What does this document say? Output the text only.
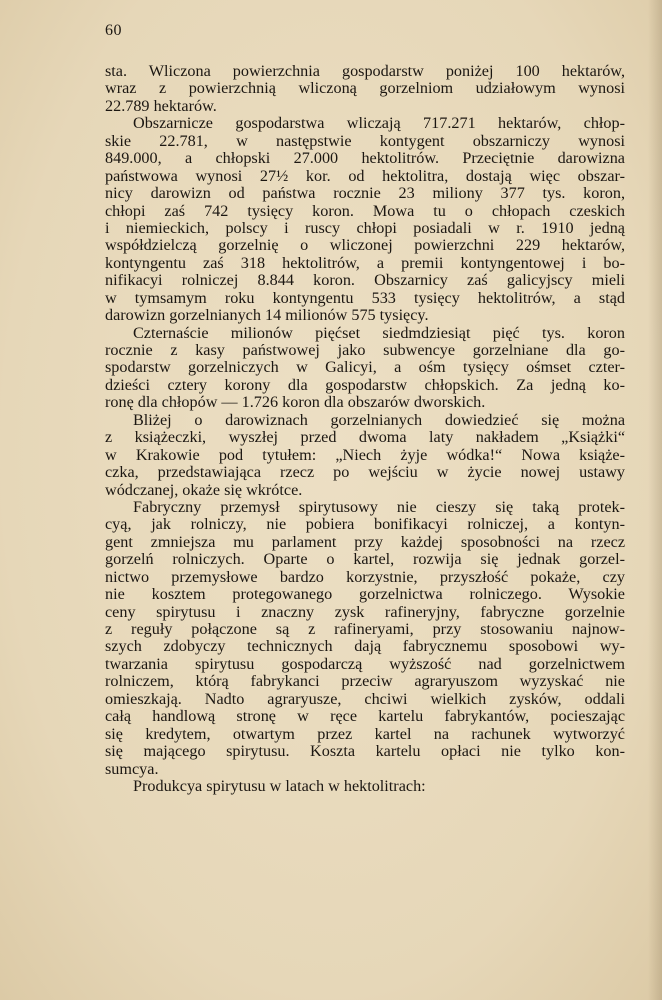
60
sta. Wliczona powierzchnia gospodarstw poniżej 100 hektarów,
wraz z powierzchnią wliczoną gorzelniom udziałowym wynosi
22.789 hektarów.
Obszarnicze gospodarstwa wliczają 717.271 hektarów, chłop-
skie 22.781, w następstwie kontygent obszarniczy wynosi
849.000, a chłopski 27.000 hektolitrów. Przeciętnie darowizna
państwowa wynosi 27½ kor. od hektolitra, dostają więc obszar-
nicy darowizn od państwa rocznie 23 miliony 377 tys. koron,
chłopi zaś 742 tysięcy koron. Mowa tu o chłopach czeskich
i niemieckich, polscy i ruscy chłopi posiadali w r. 1910 jedną
współdzielczą gorzelnię o wliczonej powierzchni 229 hektarów,
kontyngentu zaś 318 hektolitrów, a premii kontyngentowej i bo-
nifikacyi rolniczej 8.844 koron. Obszarnicy zaś galicyjscy mieli
w tymsamym roku kontyngentu 533 tysięcy hektolitrów, a stąd
darowizn gorzelnianych 14 milionów 575 tysięcy.
Czternaście milionów pięćset siedmdziesiąt pięć tys. koron
rocznie z kasy państwowej jako subwencye gorzelniane dla go-
spodarstw gorzelniczych w Galicyi, a ośm tysięcy ośmset czter-
dzieści cztery korony dla gospodarstw chłopskich. Za jedną ko-
ronę dla chłopów — 1.726 koron dla obszarów dworskich.
Bliżej o darowiznach gorzelnianych dowiedzieć się można
z książeczki, wyszłej przed dwoma laty nakładem „Książki“
w Krakowie pod tytułem: „Niech żyje wódka!“ Nowa książe-
czka, przedstawiająca rzecz po wejściu w życie nowej ustawy
wódczanej, okaże się wkrótce.
Fabryczny przemysł spirytusowy nie cieszy się taką protek-
cyą, jak rolniczy, nie pobiera bonifikacyi rolniczej, a kontyn-
gent zmniejsza mu parlament przy każdej sposobności na rzecz
gorzelń rolniczych. Oparte o kartel, rozwija się jednak gorzel-
nictwo przemysłowe bardzo korzystnie, przyszłość pokaże, czy
nie kosztem protegowanego gorzelnictwa rolniczego. Wysokie
ceny spirytusu i znaczny zysk rafineryjny, fabryczne gorzelnie
z reguły połączone są z rafineryami, przy stosowaniu najnow-
szych zdobyczy technicznych dają fabrycznemu sposobowi wy-
twarzania spirytusu gospodarczą wyższość nad gorzelnictwem
rolniczem, którą fabrykanci przeciw agraryuszom wyzyskać nie
omieszkają. Nadto agraryusze, chciwi wielkich zysków, oddali
całą handlową stronę w ręce kartelu fabrykantów, pocieszając
się kredytem, otwartym przez kartel na rachunek wytworzyć
się mającego spirytusu. Koszta kartelu opłaci nie tylko kon-
sumcya.
Produkcya spirytusu w latach w hektolitrach:
